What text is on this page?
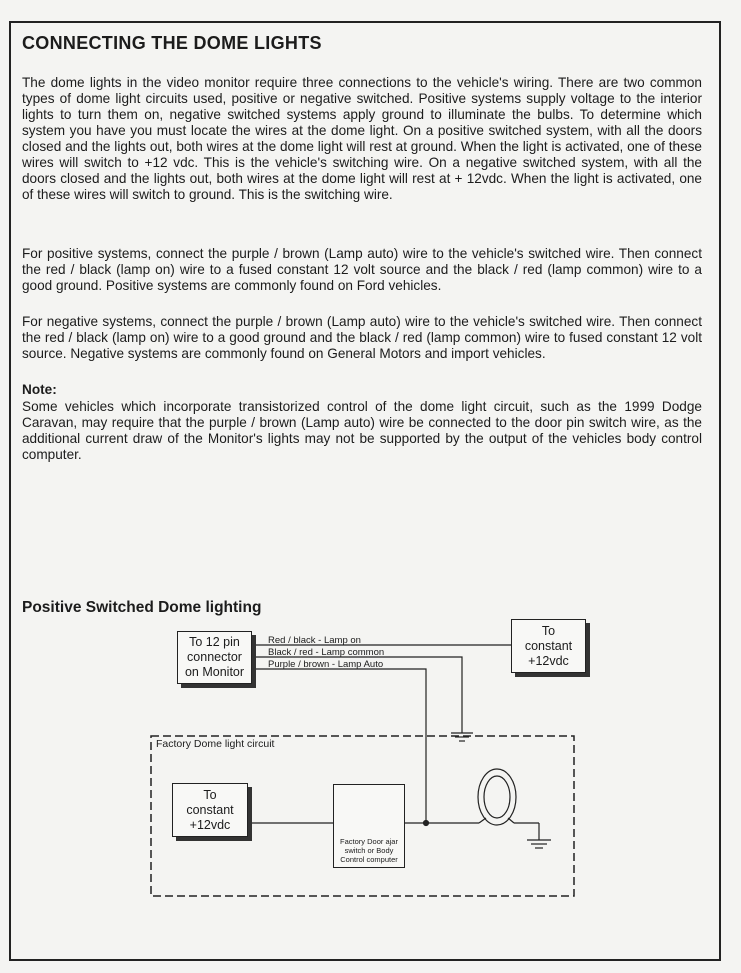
CONNECTING THE DOME LIGHTS

The dome lights in the video monitor require three connections to the vehicle's wiring. There are two common types of dome light circuits used, positive or negative switched. Positive systems supply voltage to the interior lights to turn them on, negative switched systems apply ground to illuminate the bulbs. To determine which system you have you must locate the wires at the dome light. On a positive switched system, with all the doors closed and the lights out, both wires at the dome light will rest at ground. When the light is activated, one of these wires will switch to +12 vdc. This is the vehicle's switching wire. On a negative switched system, with all the doors closed and the lights out, both wires at the dome light will rest at + 12vdc. When the light is activated, one of these wires will switch to ground. This is the switching wire.

For positive systems, connect the purple / brown (Lamp auto) wire to the vehicle's switched wire. Then connect the red / black (lamp on) wire to a fused constant 12 volt source and the black / red (lamp common) wire to a good ground. Positive systems are commonly found on Ford vehicles.

For negative systems, connect the purple / brown (Lamp auto) wire to the vehicle's switched wire. Then connect the red / black (lamp on) wire to a good ground and the black / red (lamp common) wire to fused constant 12 volt source. Negative systems are commonly found on General Motors and import vehicles.

Note:

Some vehicles which incorporate transistorized control of the dome light circuit, such as the 1999 Dodge Caravan, may require that the purple / brown (Lamp auto) wire be connected to the door pin switch wire, as the additional current draw of the Monitor's lights may not be supported by the output of the vehicles body control computer.

Positive Switched Dome lighting
To 12 pin
connector
on Monitor
To
constant
+12vdc
To
constant
+12vdc
Factory Door ajar
switch or Body
Control computer
Red / black - Lamp on
Black / red - Lamp common
Purple / brown - Lamp Auto
Factory Dome light circuit
